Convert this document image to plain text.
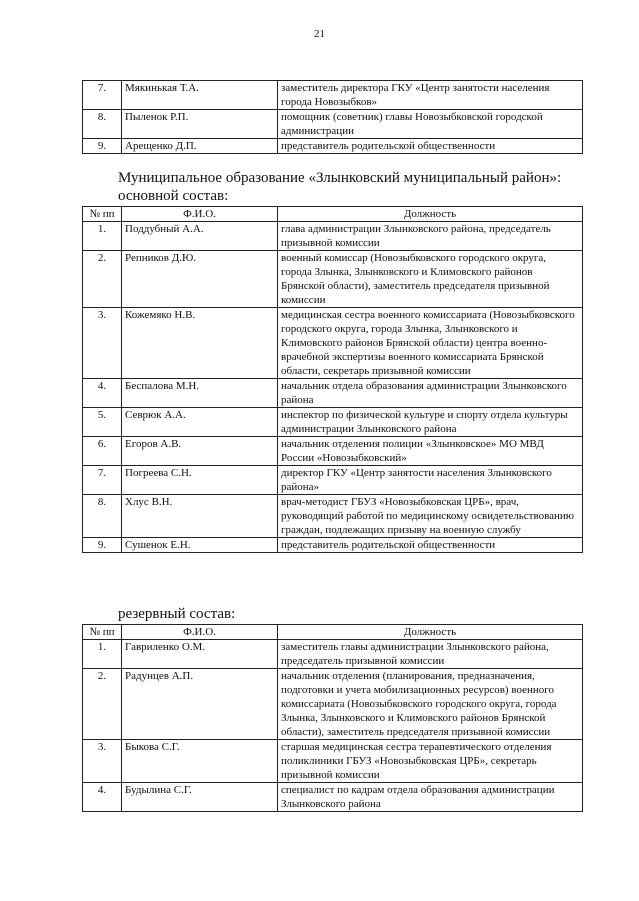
21
7.	Мякинькая Т.А.	заместитель директора ГКУ «Центр занятости населения города Новозыбков»
8.	Пыленок Р.П.	помощник (советник) главы Новозыбковской городской администрации
9.	Арещенко Д.П.	представитель родительской общественности
Муниципальное образование «Злынковский муниципальный район»:
основной состав:
№ пп	Ф.И.О.	Должность
1.	Поддубный А.А.	глава администрации Злынковского района, председатель призывной комиссии
2.	Репников Д.Ю.	военный комиссар (Новозыбковского городского округа, города Злынка, Злынковского и Климовского районов Брянской области), заместитель председателя призывной комиссии
3.	Кожемяко Н.В.	медицинская сестра военного комиссариата (Новозыбковского городского округа, города Злынка, Злынковского и Климовского районов Брянской области) центра военно-врачебной экспертизы военного комиссариата Брянской области, секретарь призывной комиссии
4.	Беспалова М.Н.	начальник отдела образования администрации Злынковского района
5.	Севрюк А.А.	инспектор по физической культуре и спорту отдела культуры администрации Злынковского района
6.	Егоров А.В.	начальник отделения полиции «Злынковское» МО МВД России «Новозыбковский»
7.	Погреева С.Н.	директор ГКУ «Центр занятости населения Злынковского района»
8.	Хлус В.Н.	врач-методист ГБУЗ «Новозыбковская ЦРБ», врач, руководящий работой по медицинскому освидетельствованию граждан, подлежащих призыву на военную службу
9.	Сушенок Е.Н.	представитель родительской общественности
резервный состав:
№ пп	Ф.И.О.	Должность
1.	Гавриленко О.М.	заместитель главы администрации Злынковского района, председатель призывной комиссии
2.	Радунцев А.П.	начальник отделения (планирования, предназначения, подготовки и учета мобилизационных ресурсов) военного комиссариата (Новозыбковского городского округа, города Злынка, Злынковского и Климовского районов Брянской области), заместитель председателя призывной комиссии
3.	Быкова С.Г.	старшая медицинская сестра терапевтического отделения поликлиники ГБУЗ «Новозыбковская ЦРБ», секретарь призывной комиссии
4.	Будылина С.Г.	специалист по кадрам отдела образования администрации Злынковского района
